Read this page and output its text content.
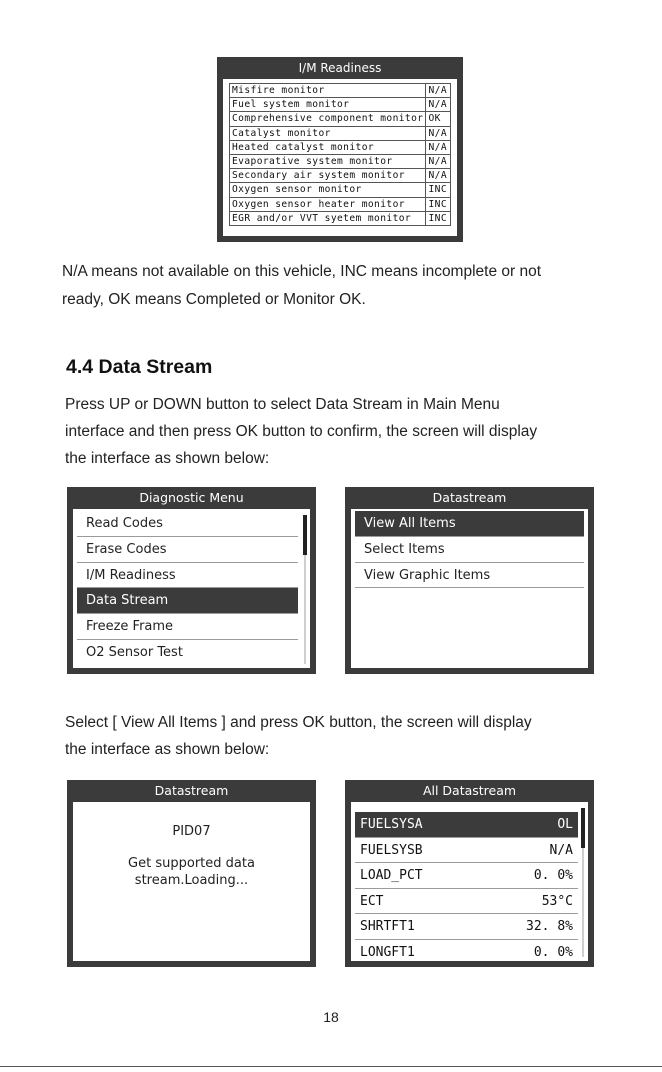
I/M Readiness
Misfire monitor	N/A
Fuel system monitor	N/A
Comprehensive component monitor	OK
Catalyst monitor	N/A
Heated catalyst monitor	N/A
Evaporative system monitor	N/A
Secondary air system monitor	N/A
Oxygen sensor monitor	INC
Oxygen sensor heater monitor	INC
EGR and/or VVT syetem monitor	INC
N/A means not available on this vehicle, INC means incomplete or not
ready, OK means Completed or Monitor OK.
4.4 Data Stream
Press UP or DOWN button to select Data Stream in Main Menu
interface and then press OK button to confirm, the screen will display
the interface as shown below:
Diagnostic Menu
Read Codes
Erase Codes
I/M Readiness
Data Stream
Freeze Frame
O2 Sensor Test
Datastream
View All Items
Select Items
View Graphic Items
Select [ View All Items ] and press OK button, the screen will display
the interface as shown below:
Datastream
PID07
Get supported data
stream.Loading...
All Datastream
FUELSYSA	OL
FUELSYSB	N/A
LOAD_PCT	0. 0%
ECT	53°C
SHRTFT1	32. 8%
LONGFT1	0. 0%
18
